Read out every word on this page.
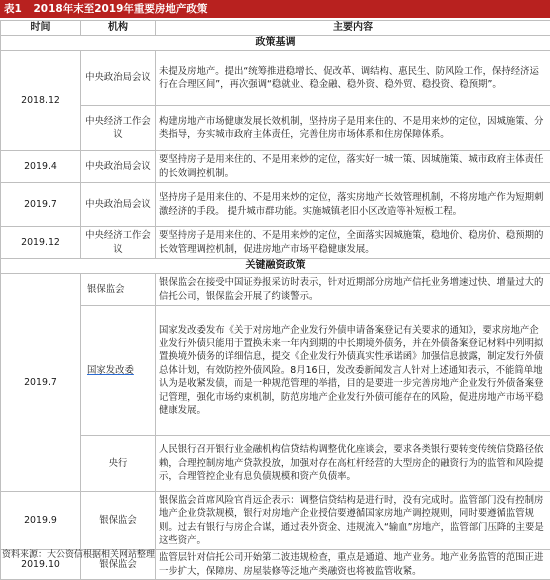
表1 2018年末至2019年重要房地产政策
时间	机构	主要内容
政策基调		
2018.12	中央政治局会议	未提及房地产。提出“统筹推进稳增长、促改革、调结构、惠民生、防风险工作，保持经济运行在合理区间”，再次强调“稳就业、稳金融、稳外资、稳外贸、稳投资、稳预期”。
	中央经济工作会议	构建房地产市场健康发展长效机制，坚持房子是用来住的、不是用来炒的定位，因城施策、分类指导，夯实城市政府主体责任，完善住房市场体系和住房保障体系。
2019.4	中央政治局会议	要坚持房子是用来住的、不是用来炒的定位，落实好一城一策、因城施策、城市政府主体责任的长效调控机制。
2019.7	中央政治局会议	坚持房子是用来住的、不是用来炒的定位，落实房地产长效管理机制，不将房地产作为短期刺激经济的手段。 提升城市群功能。实施城镇老旧小区改造等补短板工程。
2019.12	中央经济工作会议	要坚持房子是用来住的、不是用来炒的定位，全面落实因城施策，稳地价、稳房价、稳预期的长效管理调控机制，促进房地产市场平稳健康发展。
关键融资政策		
2019.7	银保监会	银保监会在接受中国证券报采访时表示，针对近期部分房地产信托业务增速过快、增量过大的信托公司，银保监会开展了约谈警示。
	国家发改委	国家发改委发布《关于对房地产企业发行外债申请备案登记有关要求的通知》，要求房地产企业发行外债只能用于置换未来一年内到期的中长期境外债务，并在外债备案登记材料中列明拟置换境外债务的详细信息，提交《企业发行外债真实性承诺函》加强信息披露，制定发行外债总体计划，有效防控外债风险。8月16日，发改委新闻发言人针对上述通知表示，不能简单地认为是收紧发债，而是一种规范管理的举措，目的是要进一步完善房地产企业发行外债备案登记管理，强化市场约束机制，防范房地产企业发行外债可能存在的风险，促进房地产市场平稳健康发展。
	央行	人民银行召开银行业金融机构信贷结构调整优化座谈会，要求各类银行要转变传统信贷路径依赖，合理控制房地产贷款投放，加强对存在高杠杆经营的大型房企的融资行为的监管和风险提示，合理管控企业有息负债规模和资产负债率。
2019.9	银保监会	银保监会首席风险官肖远企表示：调整信贷结构是进行时，没有完成时。监管部门没有控制房地产企业贷款规模，银行对房地产企业授信要遵循国家房地产调控规则，同时要遵循监管规则。过去有银行与房企合谋，通过表外资金、违规流入“输血”房地产，监管部门压降的主要是这些资产。
2019.10	银保监会	监管层针对信托公司开始第二波违规检查，重点是通道、地产业务。地产业务监管的范围正进一步扩大，保障房、房屋装修等泛地产类融资也将被监管收紧。
资料来源：大公资信根据相关网站整理
